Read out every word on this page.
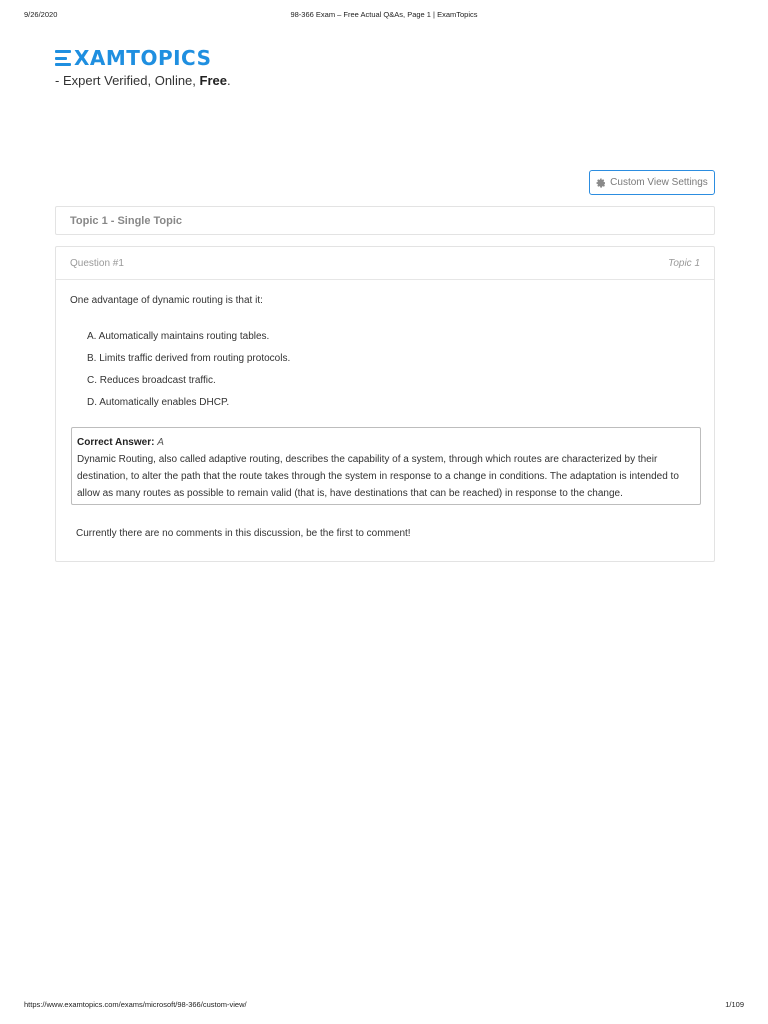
9/26/2020	98-366 Exam – Free Actual Q&As, Page 1 | ExamTopics
XAMTOPICS
- Expert Verified, Online, Free.
Custom View Settings
Topic 1 - Single Topic
Question #1	Topic 1

One advantage of dynamic routing is that it:

A. Automatically maintains routing tables.
B. Limits traffic derived from routing protocols.
C. Reduces broadcast traffic.
D. Automatically enables DHCP.
Correct Answer: A
Dynamic Routing, also called adaptive routing, describes the capability of a system, through which routes are characterized by their destination, to alter the path that the route takes through the system in response to a change in conditions. The adaptation is intended to allow as many routes as possible to remain valid (that is, have destinations that can be reached) in response to the change.

Currently there are no comments in this discussion, be the first to comment!

https://www.examtopics.com/exams/microsoft/98-366/custom-view/	1/109
